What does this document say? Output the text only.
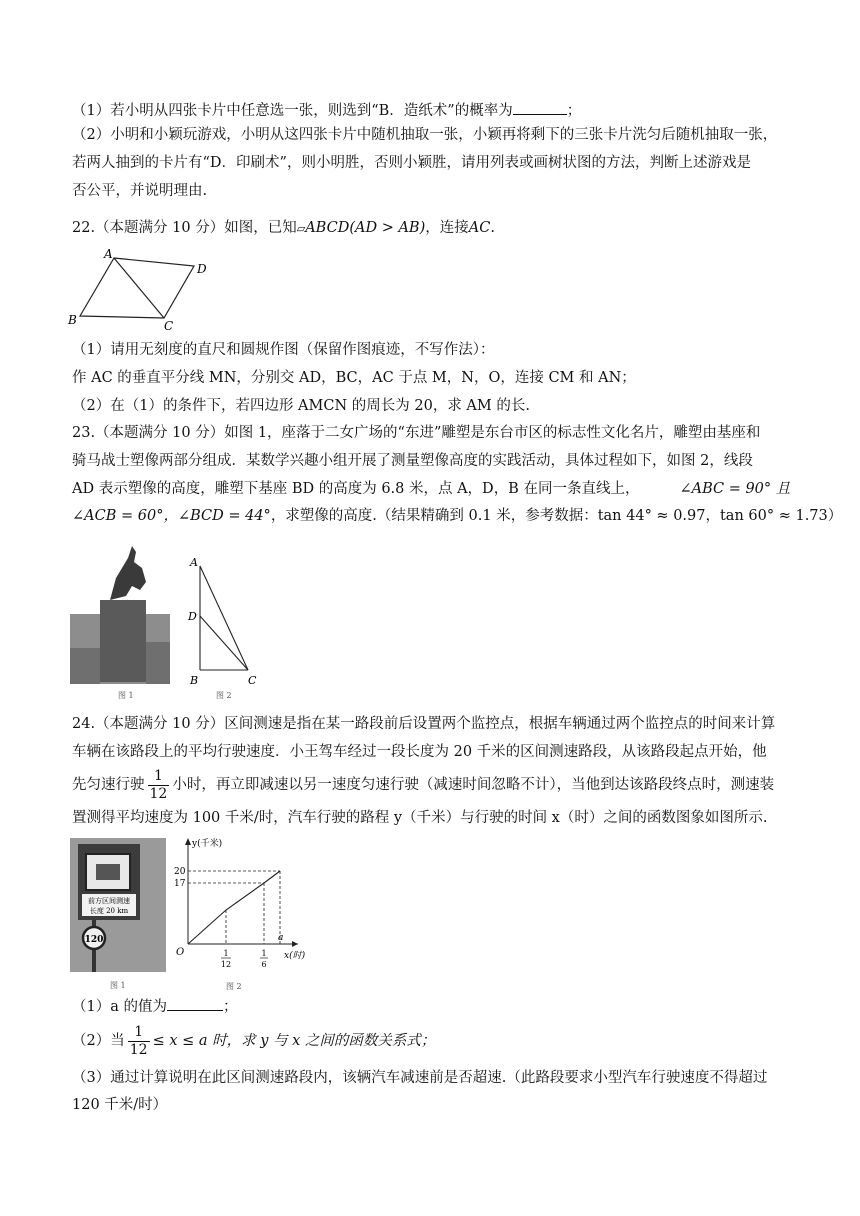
（1）若小明从四张卡片中任意选一张，则选到“B．造纸术”的概率为	；
（2）小明和小颖玩游戏，小明从这四张卡片中随机抽取一张，小颖再将剩下的三张卡片洗匀后随机抽取一张，
若两人抽到的卡片有“D．印刷术”，则小明胜，否则小颖胜，请用列表或画树状图的方法，判断上述游戏是
否公平，并说明理由.
22.（本题满分 10 分）如图，已知▱ABCD(AD > AB)，连接AC.
A
D
B	C
（1）请用无刻度的直尺和圆规作图（保留作图痕迹，不写作法）：
作 AC 的垂直平分线 MN，分别交 AD，BC，AC 于点 M，N，O，连接 CM 和 AN；
（2）在（1）的条件下，若四边形 AMCN 的周长为 20，求 AM 的长.
23.（本题满分 10 分）如图 1，座落于二女广场的“东进”雕塑是东台市区的标志性文化名片，雕塑由基座和
骑马战士塑像两部分组成．某数学兴趣小组开展了测量塑像高度的实践活动，具体过程如下，如图 2，线段
AD 表示塑像的高度，雕塑下基座 BD 的高度为 6.8 米，点 A，D，B 在同一条直线上，	∠ABC = 90° 且
∠ACB = 60°，∠BCD = 44°，求塑像的高度.（结果精确到 0.1 米，参考数据：tan 44° ≈ 0.97，tan 60° ≈ 1.73）
图 1
A
D
B	C
图 2
24.（本题满分 10 分）区间测速是指在某一路段前后设置两个监控点，根据车辆通过两个监控点的时间来计算
车辆在该路段上的平均行驶速度．小王驾车经过一段长度为 20 千米的区间测速路段，从该路段起点开始，他
先匀速行驶 $\frac{1}{12}$ 小时，再立即减速以另一速度匀速行驶（减速时间忽略不计），当他到达该路段终点时，测速装
置测得平均速度为 100 千米/时，汽车行驶的路程 y（千米）与行驶的时间 x（时）之间的函数图象如图所示.
前方区间测速
长度 20 km
120
图 1
y(千米)
x(时)
O
20
17
1
12
1
6
a
图 2
（1）a 的值为	；
（2）当 $\frac{1}{12} \le x \le a$ 时，求 y 与 x 之间的函数关系式；
（3）通过计算说明在此区间测速路段内，该辆汽车减速前是否超速.（此路段要求小型汽车行驶速度不得超过
120 千米/时）
